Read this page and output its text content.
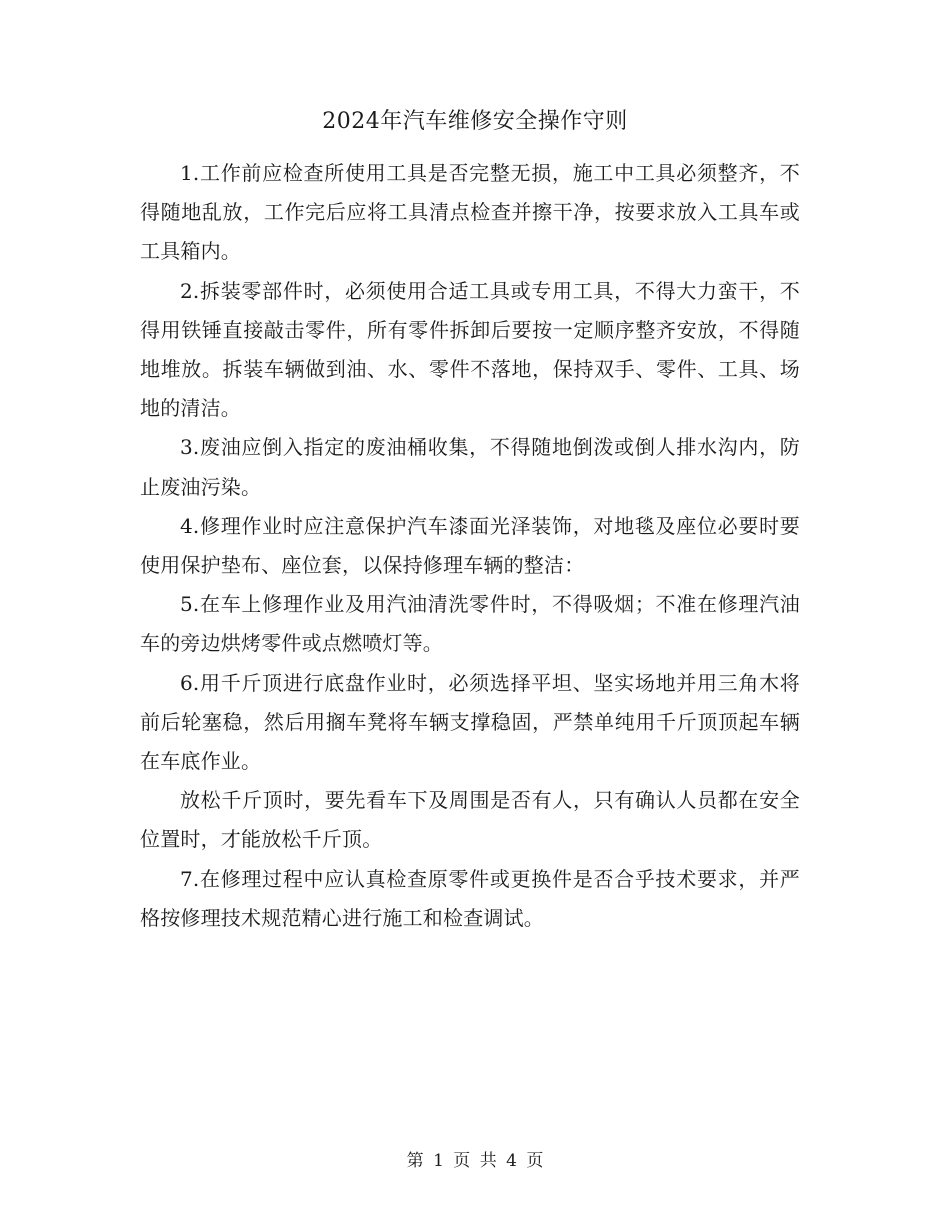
2024年汽车维修安全操作守则

1.工作前应检查所使用工具是否完整无损，施工中工具必须整齐，不得随地乱放，工作完后应将工具清点检查并擦干净，按要求放入工具车或工具箱内。

2.拆装零部件时，必须使用合适工具或专用工具，不得大力蛮干，不得用铁锤直接敲击零件，所有零件拆卸后要按一定顺序整齐安放，不得随地堆放。拆装车辆做到油、水、零件不落地，保持双手、零件、工具、场地的清洁。

3.废油应倒入指定的废油桶收集，不得随地倒泼或倒人排水沟内，防止废油污染。

4.修理作业时应注意保护汽车漆面光泽装饰，对地毯及座位必要时要使用保护垫布、座位套，以保持修理车辆的整洁：

5.在车上修理作业及用汽油清洗零件时，不得吸烟；不准在修理汽油车的旁边烘烤零件或点燃喷灯等。

6.用千斤顶进行底盘作业时，必须选择平坦、坚实场地并用三角木将前后轮塞稳，然后用搁车凳将车辆支撑稳固，严禁单纯用千斤顶顶起车辆在车底作业。

放松千斤顶时，要先看车下及周围是否有人，只有确认人员都在安全位置时，才能放松千斤顶。

7.在修理过程中应认真检查原零件或更换件是否合乎技术要求，并严格按修理技术规范精心进行施工和检查调试。

第 1 页 共 4 页
